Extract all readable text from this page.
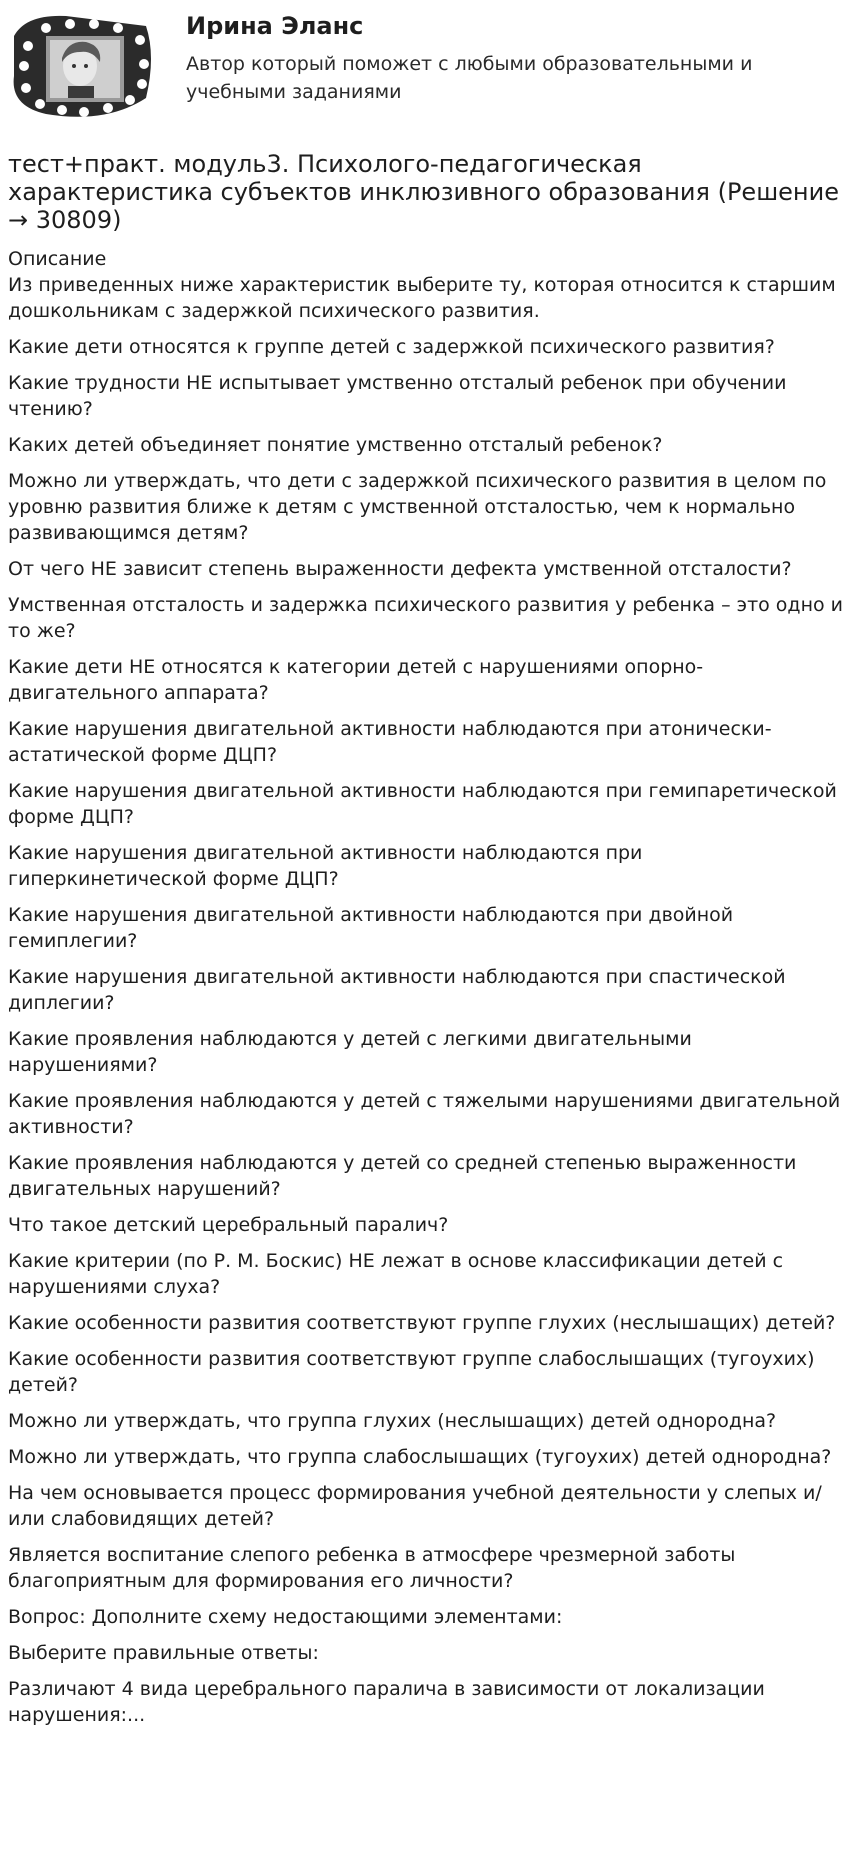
Ирина Эланс
Автор который поможет с любыми образовательными и учебными заданиями
тест+практ. модуль3. Психолого-педагогическая характеристика субъектов инклюзивного образования (Решение → 30809)
Описание
Из приведенных ниже характеристик выберите ту, которая относится к старшим дошкольникам с задержкой психического развития.
Какие дети относятся к группе детей с задержкой психического развития?
Какие трудности НЕ испытывает умственно отсталый ребенок при обучении чтению?
Каких детей объединяет понятие умственно отсталый ребенок?
Можно ли утверждать, что дети с задержкой психического развития в целом по уровню развития ближе к детям с умственной отсталостью, чем к нормально развивающимся детям?
От чего НЕ зависит степень выраженности дефекта умственной отсталости?
Умственная отсталость и задержка психического развития у ребенка – это одно и то же?
Какие дети НЕ относятся к категории детей с нарушениями опорно-двигательного аппарата?
Какие нарушения двигательной активности наблюдаются при атонически-астатической форме ДЦП?
Какие нарушения двигательной активности наблюдаются при гемипаретической форме ДЦП?
Какие нарушения двигательной активности наблюдаются при гиперкинетической форме ДЦП?
Какие нарушения двигательной активности наблюдаются при двойной гемиплегии?
Какие нарушения двигательной активности наблюдаются при спастической диплегии?
Какие проявления наблюдаются у детей с легкими двигательными нарушениями?
Какие проявления наблюдаются у детей с тяжелыми нарушениями двигательной активности?
Какие проявления наблюдаются у детей со средней степенью выраженности двигательных нарушений?
Что такое детский церебральный паралич?
Какие критерии (по Р. М. Боскис) НЕ лежат в основе классификации детей с нарушениями слуха?
Какие особенности развития соответствуют группе глухих (неслышащих) детей?
Какие особенности развития соответствуют группе слабослышащих (тугоухих) детей?
Можно ли утверждать, что группа глухих (неслышащих) детей однородна?
Можно ли утверждать, что группа слабослышащих (тугоухих) детей однородна?
На чем основывается процесс формирования учебной деятельности у слепых и/или слабовидящих детей?
Является воспитание слепого ребенка в атмосфере чрезмерной заботы благоприятным для формирования его личности?
Вопрос: Дополните схему недостающими элементами:
Выберите правильные ответы:
Различают 4 вида церебрального паралича в зависимости от локализации нарушения:...
